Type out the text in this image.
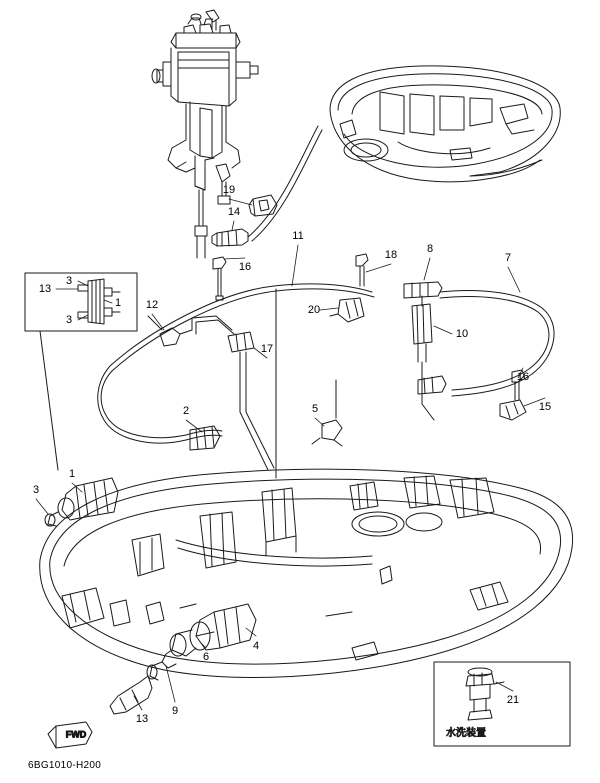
FWD	水洗装置
13
3
3
1 12
14
19
16
11
18	8
7
20
10
17
16
15
2	5
1
3
6
4
9
13
21
6BG1010-H200
